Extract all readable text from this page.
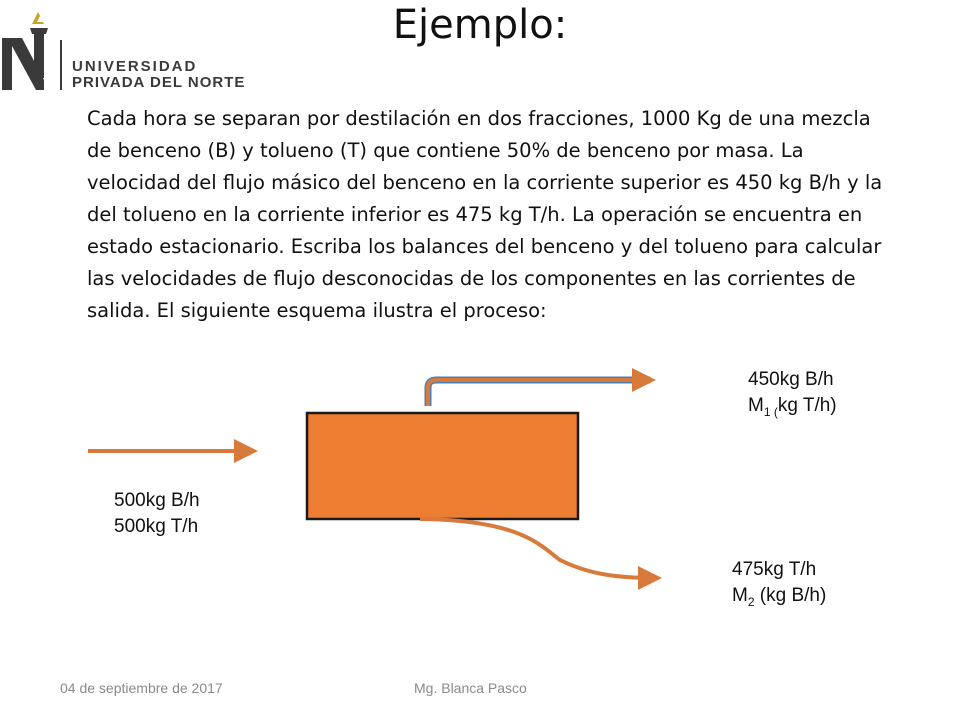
UNIVERSIDAD
PRIVADA DEL NORTE
Ejemplo:
Cada hora se separan por destilación en dos fracciones, 1000 Kg de una mezcla de benceno (B) y tolueno (T) que contiene 50% de benceno por masa. La velocidad del flujo másico del benceno en la corriente superior es 450 kg B/h y la del tolueno en la corriente inferior es 475 kg T/h. La operación se encuentra en estado estacionario. Escriba los balances del benceno y del tolueno para calcular las velocidades de flujo desconocidas de los componentes en las corrientes de salida. El siguiente esquema ilustra el proceso:
500kg B/h
500kg T/h
450kg B/h
$M_{1 (}kg$ T/h)
475kg T/h
$M_2$ (kg B/h)
04 de septiembre de 2017	Mg. Blanca Pasco
